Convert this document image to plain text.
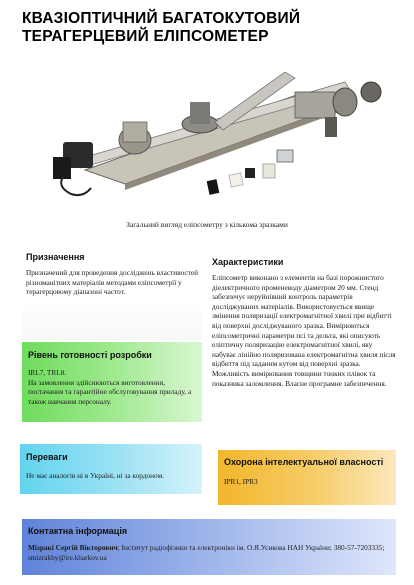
КВАЗІОПТИЧНИЙ БАГАТОКУТОВИЙ
ТЕРАГЕРЦЕВИЙ ЕЛІПСОМЕТЕР
Загальний вигляд еліпсометру з кількома зразками
Призначення
Призначений для проведення досліджень властивостей різноманітних матеріалів методами еліпсометрії у терагерцовому діапазоні частот.
Характеристики
Еліпсометр виконано з елементів на базі порожнистого діелектричного променеводу діаметром 20 мм. Стенд забезпечує неруйнівний контроль параметрів досліджуваних матеріалів. Використовується явище змінення поляризації електромагнітної хвилі при відбитті від поверхні досліджуваного зразка. Вимірюються еліпсометричні параметри псі та дельта, які описують еліптичну поляризацію електромагнітної хвилі, яку набуває лінійно поляризована електромагнітна хвиля після відбиття під заданим кутом від поверхні зразка. Можливість вимірювання товщини тонких плівок та показника заломлення. Власне програмне забезпечення.
Рівень готовності розробки
IRL7, TRL8.
На замовлення здійснюються виготовлення, постачання та гарантійне обслуговування приладу, а також навчання персоналу.
Переваги
Не має аналогів ні в Україні, ні за кордоном.
Охорона інтелектуальної власності
IPR1, IPR3
Контактна інформація
Мізракі Сергій Вікторович; Інститут радіофізики та електроніки ім. О.Я.Усикова НАН України; 380-57-7203335; smizrakhy@ire.kharkov.ua
